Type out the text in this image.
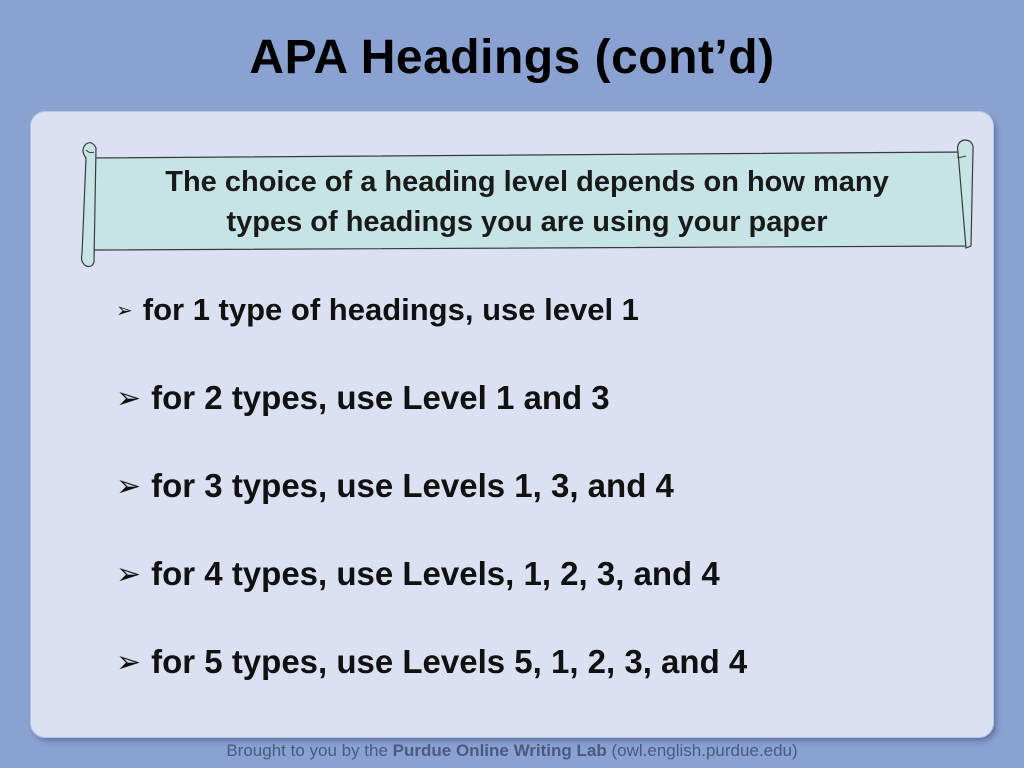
APA Headings (cont’d)
The choice of a heading level depends on how many
types of headings you are using your paper
➢ for 1 type of headings, use level 1
➢ for 2 types, use Level 1 and 3
➢ for 3 types, use Levels 1, 3, and 4
➢ for 4 types, use Levels, 1, 2, 3, and 4
➢ for 5 types, use Levels 5, 1, 2, 3, and 4
Brought to you by the Purdue Online Writing Lab (owl.english.purdue.edu)
